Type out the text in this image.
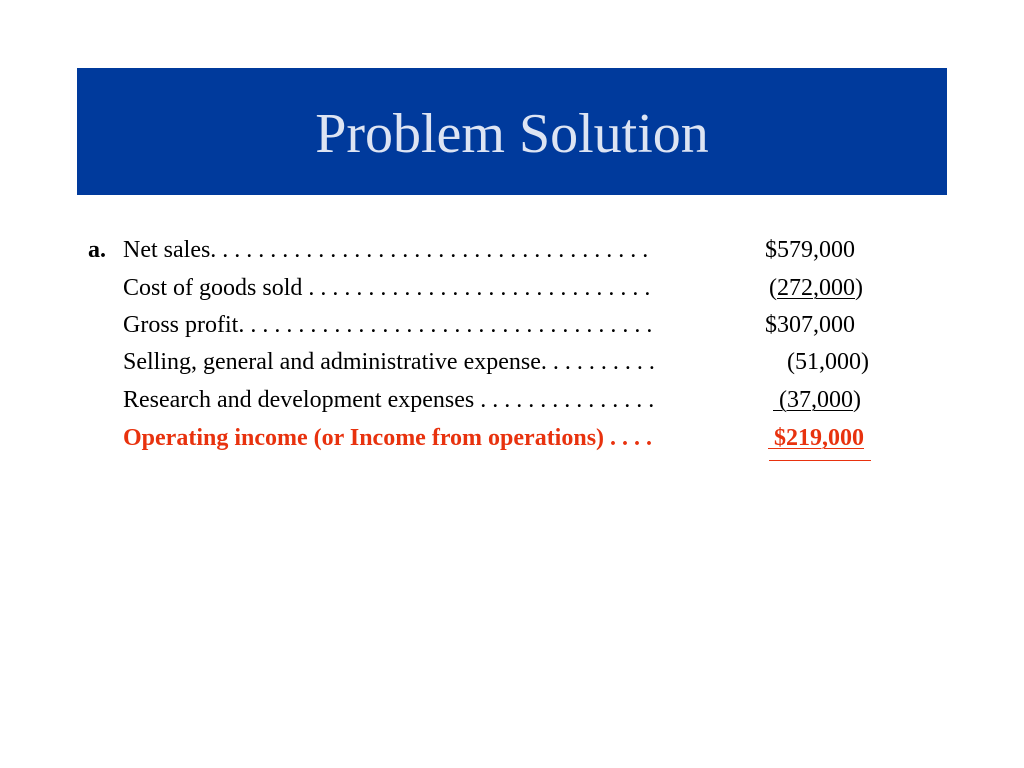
Problem Solution
a. Net sales. . . . . . . . . . . . . . . . . . . . . . . . . . . . . . . . . . . . .	$579,000
Cost of goods sold . . . . . . . . . . . . . . . . . . . . . . . . . . . . .	(272,000)
Gross profit. . . . . . . . . . . . . . . . . . . . . . . . . . . . . . . . . . .	$307,000
Selling, general and administrative expense. . . . . . . . . .	(51,000)
Research and development expenses . . . . . . . . . . . . . . .	(37,000)
Operating income (or Income from operations) . . . .	$219,000
